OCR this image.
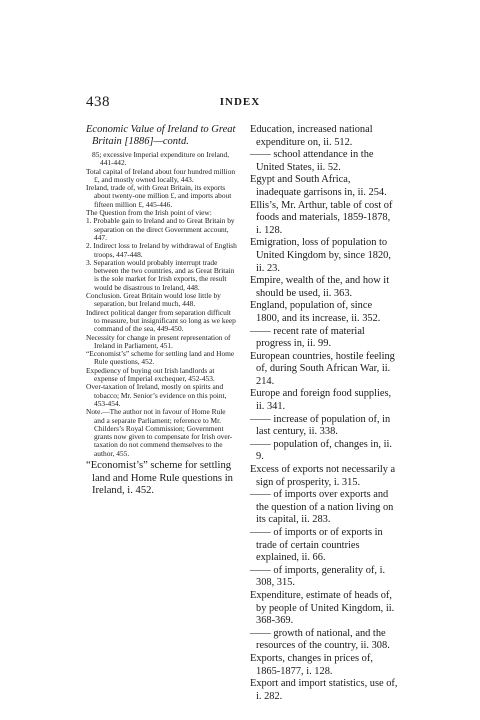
438	INDEX
Economic Value of Ireland to Great Britain [1886]—contd.

85; excessive Imperial expenditure on Ireland, 441-442.

Total capital of Ireland about four hundred million £, and mostly owned locally, 443.

Ireland, trade of, with Great Britain, its exports about twenty-one million £, and imports about fifteen million £, 445-446.

The Question from the Irish point of view:

1. Probable gain to Ireland and to Great Britain by separation on the direct Government account, 447.

2. Indirect loss to Ireland by withdrawal of English troops, 447-448.

3. Separation would probably interrupt trade between the two countries, and as Great Britain is the sole market for Irish exports, the result would be disastrous to Ireland, 448.

Conclusion. Great Britain would lose little by separation, but Ireland much, 448.

Indirect political danger from separation difficult to measure, but insignificant so long as we keep command of the sea, 449-450.

Necessity for change in present representation of Ireland in Parliament, 451.

“Economist’s” scheme for settling land and Home Rule questions, 452.

Expediency of buying out Irish landlords at expense of Imperial exchequer, 452-453.

Over-taxation of Ireland, mostly on spirits and tobacco; Mr. Senior’s evidence on this point, 453-454.

Note.—The author not in favour of Home Rule and a separate Parliament; reference to Mr. Childers’s Royal Commission; Government grants now given to compensate for Irish over-taxation do not commend themselves to the author, 455.

“Economist’s” scheme for settling land and Home Rule questions in Ireland, i. 452.

Education, increased national expenditure on, ii. 512.

—— school attendance in the United States, ii. 52.

Egypt and South Africa, inadequate garrisons in, ii. 254.

Ellis’s, Mr. Arthur, table of cost of foods and materials, 1859-1878, i. 128.

Emigration, loss of population to United Kingdom by, since 1820, ii. 23.

Empire, wealth of the, and how it should be used, ii. 363.

England, population of, since 1800, and its increase, ii. 352.

—— recent rate of material progress in, ii. 99.

European countries, hostile feeling of, during South African War, ii. 214.

Europe and foreign food supplies, ii. 341.

—— increase of population of, in last century, ii. 338.

—— population of, changes in, ii. 9.

Excess of exports not necessarily a sign of prosperity, i. 315.

—— of imports over exports and the question of a nation living on its capital, ii. 283.

—— of imports or of exports in trade of certain countries explained, ii. 66.

—— of imports, generality of, i. 308, 315.

Expenditure, estimate of heads of, by people of United Kingdom, ii. 368-369.

—— growth of national, and the resources of the country, ii. 308.

Exports, changes in prices of, 1865-1877, i. 128.

Export and import statistics, use of, i. 282.
